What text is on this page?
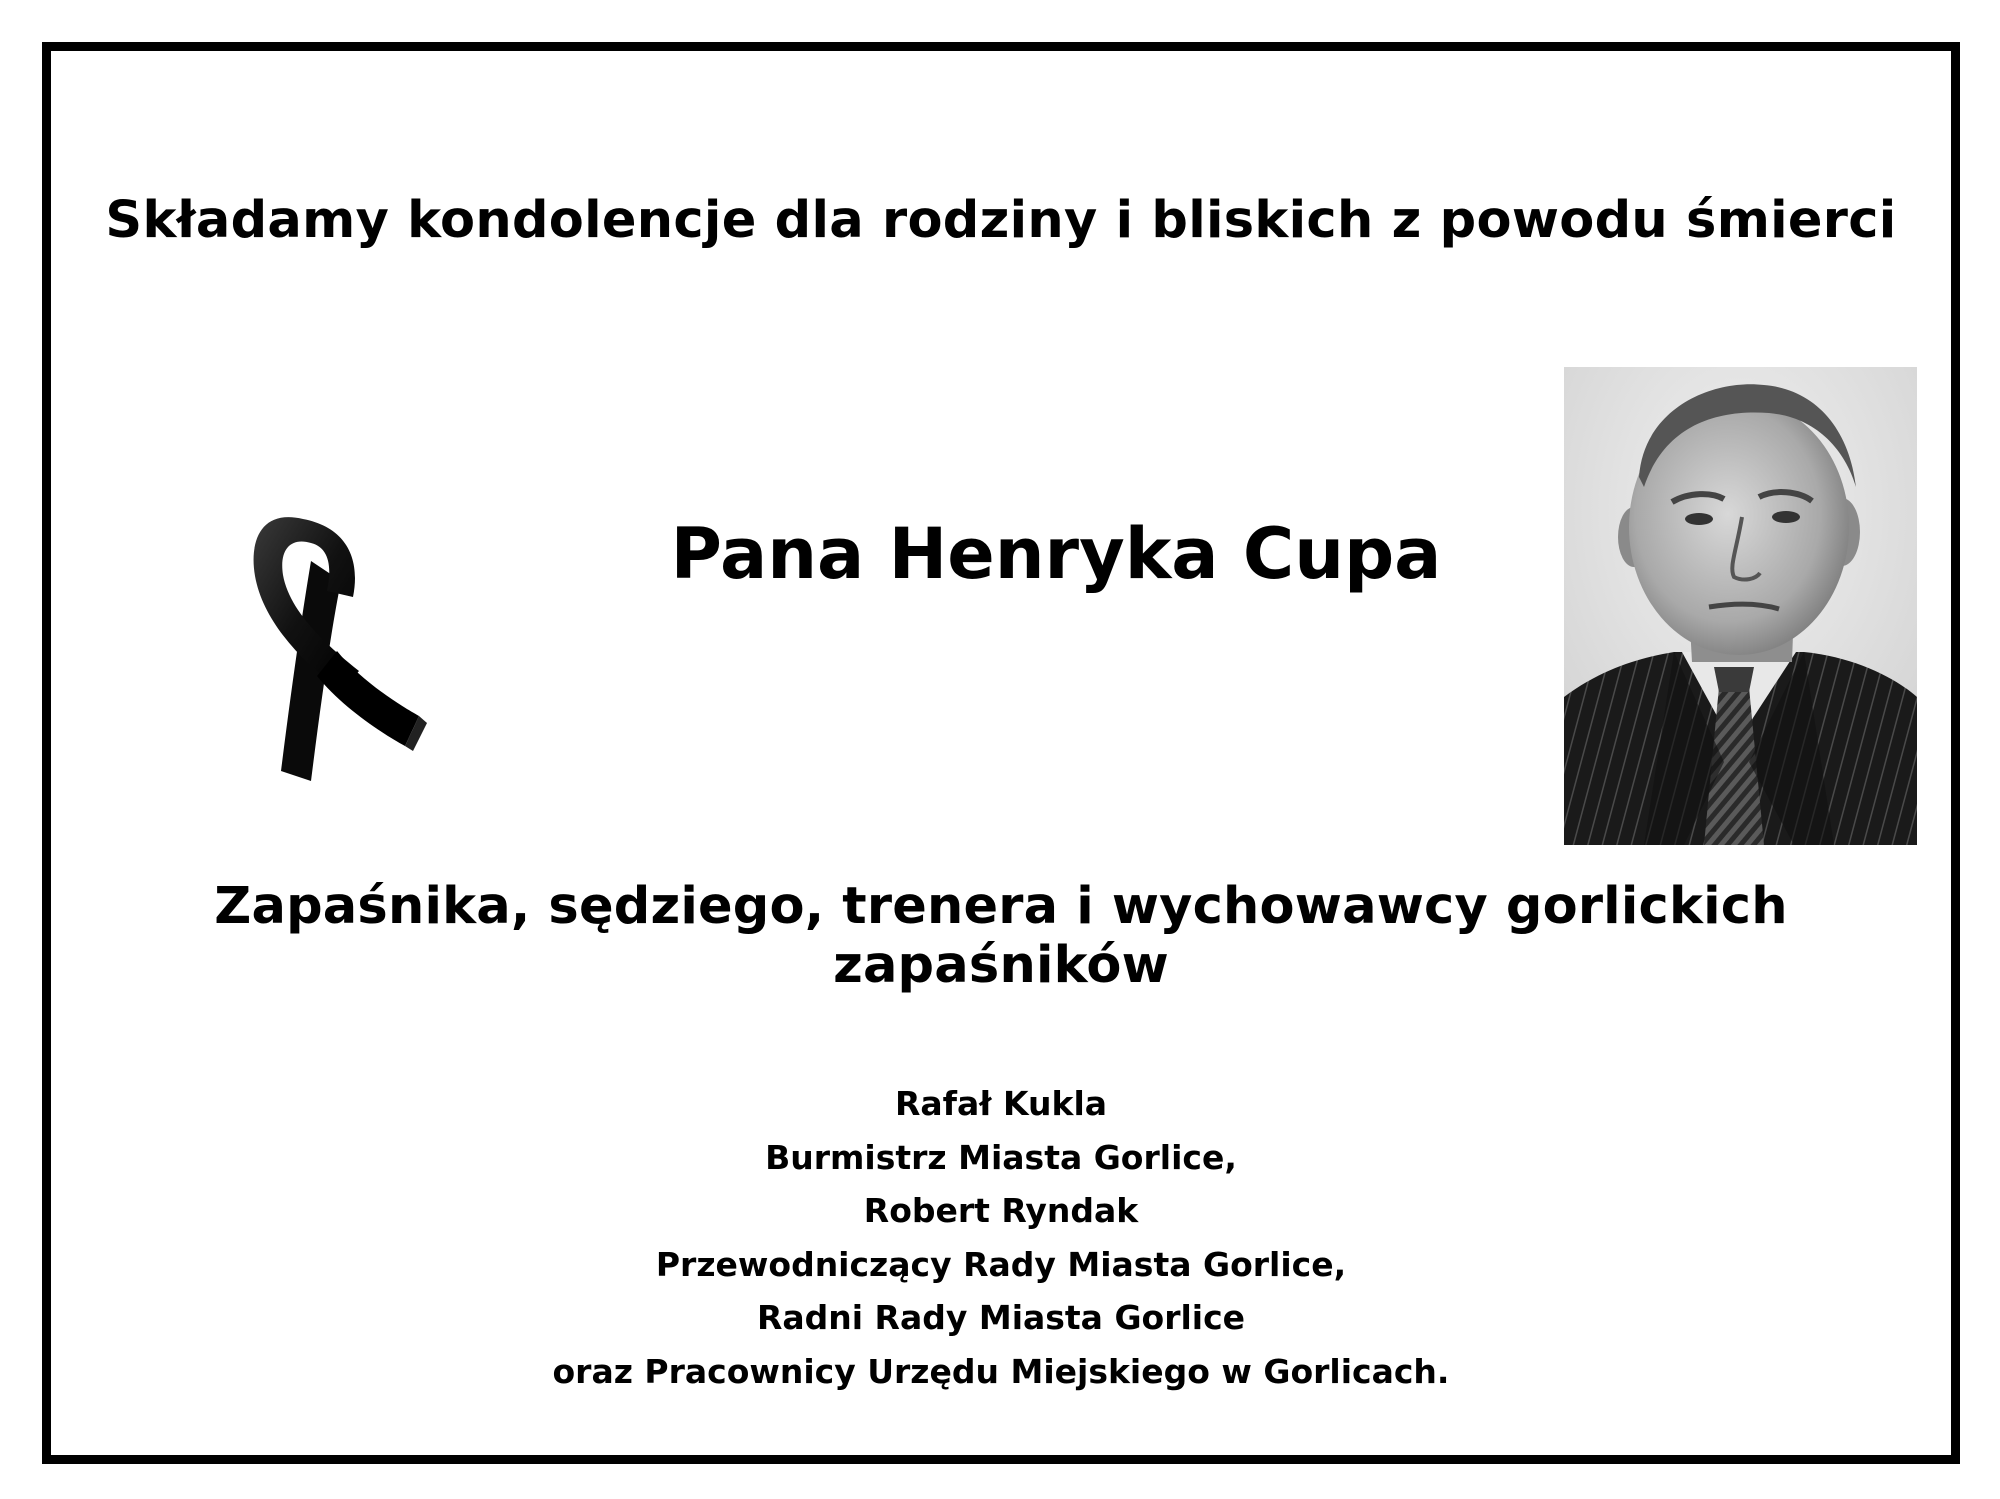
Składamy kondolencje dla rodziny i bliskich z powodu śmierci

Pana Henryka Cupa

Zapaśnika, sędziego, trenera i wychowawcy gorlickich zapaśników

Rafał Kukla
Burmistrz Miasta Gorlice,
Robert Ryndak
Przewodniczący Rady Miasta Gorlice,
Radni Rady Miasta Gorlice
oraz Pracownicy Urzędu Miejskiego w Gorlicach.
